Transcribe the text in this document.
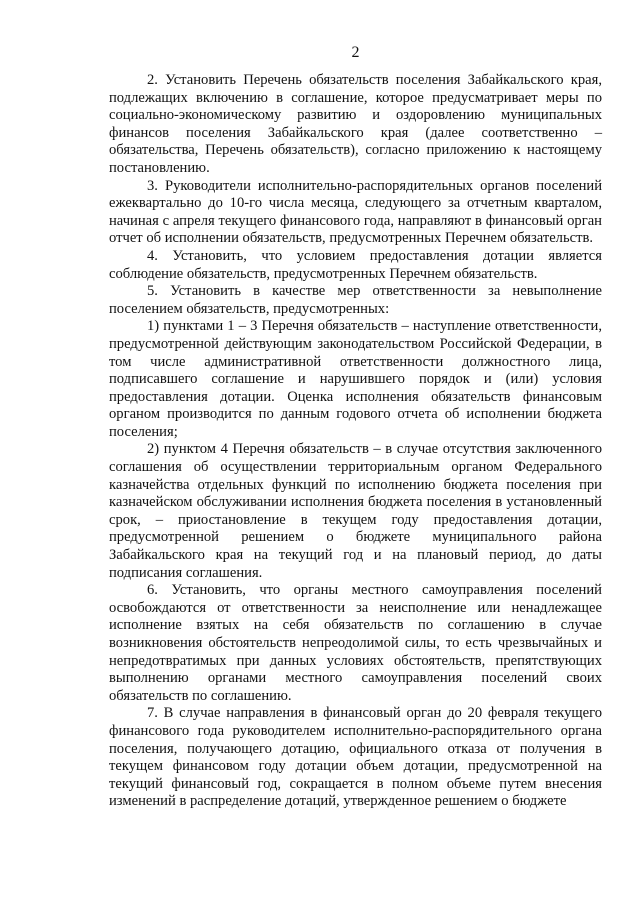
2

2. Установить Перечень обязательств поселения Забайкальского края, подлежащих включению в соглашение, которое предусматривает меры по социально-экономическому развитию и оздоровлению муниципальных финансов поселения Забайкальского края (далее соответственно – обязательства, Перечень обязательств), согласно приложению к настоящему постановлению.

3. Руководители исполнительно-распорядительных органов поселений ежеквартально до 10-го числа месяца, следующего за отчетным кварталом, начиная с апреля текущего финансового года, направляют в финансовый орган отчет об исполнении обязательств, предусмотренных Перечнем обязательств.

4. Установить, что условием предоставления дотации является соблюдение обязательств, предусмотренных Перечнем обязательств.

5. Установить в качестве мер ответственности за невыполнение поселением обязательств, предусмотренных:

1) пунктами 1 – 3 Перечня обязательств – наступление ответственности, предусмотренной действующим законодательством Российской Федерации, в том числе административной ответственности должностного лица, подписавшего соглашение и нарушившего порядок и (или) условия предоставления дотации. Оценка исполнения обязательств финансовым органом производится по данным годового отчета об исполнении бюджета поселения;

2) пунктом 4 Перечня обязательств – в случае отсутствия заключенного соглашения об осуществлении территориальным органом Федерального казначейства отдельных функций по исполнению бюджета поселения при казначейском обслуживании исполнения бюджета поселения в установленный срок, – приостановление в текущем году предоставления дотации, предусмотренной решением о бюджете муниципального района Забайкальского края на текущий год и на плановый период, до даты подписания соглашения.

6. Установить, что органы местного самоуправления поселений освобождаются от ответственности за неисполнение или ненадлежащее исполнение взятых на себя обязательств по соглашению в случае возникновения обстоятельств непреодолимой силы, то есть чрезвычайных и непредотвратимых при данных условиях обстоятельств, препятствующих выполнению органами местного самоуправления поселений своих обязательств по соглашению.

7. В случае направления в финансовый орган до 20 февраля текущего финансового года руководителем исполнительно-распорядительного органа поселения, получающего дотацию, официального отказа от получения в текущем финансовом году дотации объем дотации, предусмотренной на текущий финансовый год, сокращается в полном объеме путем внесения изменений в распределение дотаций, утвержденное решением о бюджете
